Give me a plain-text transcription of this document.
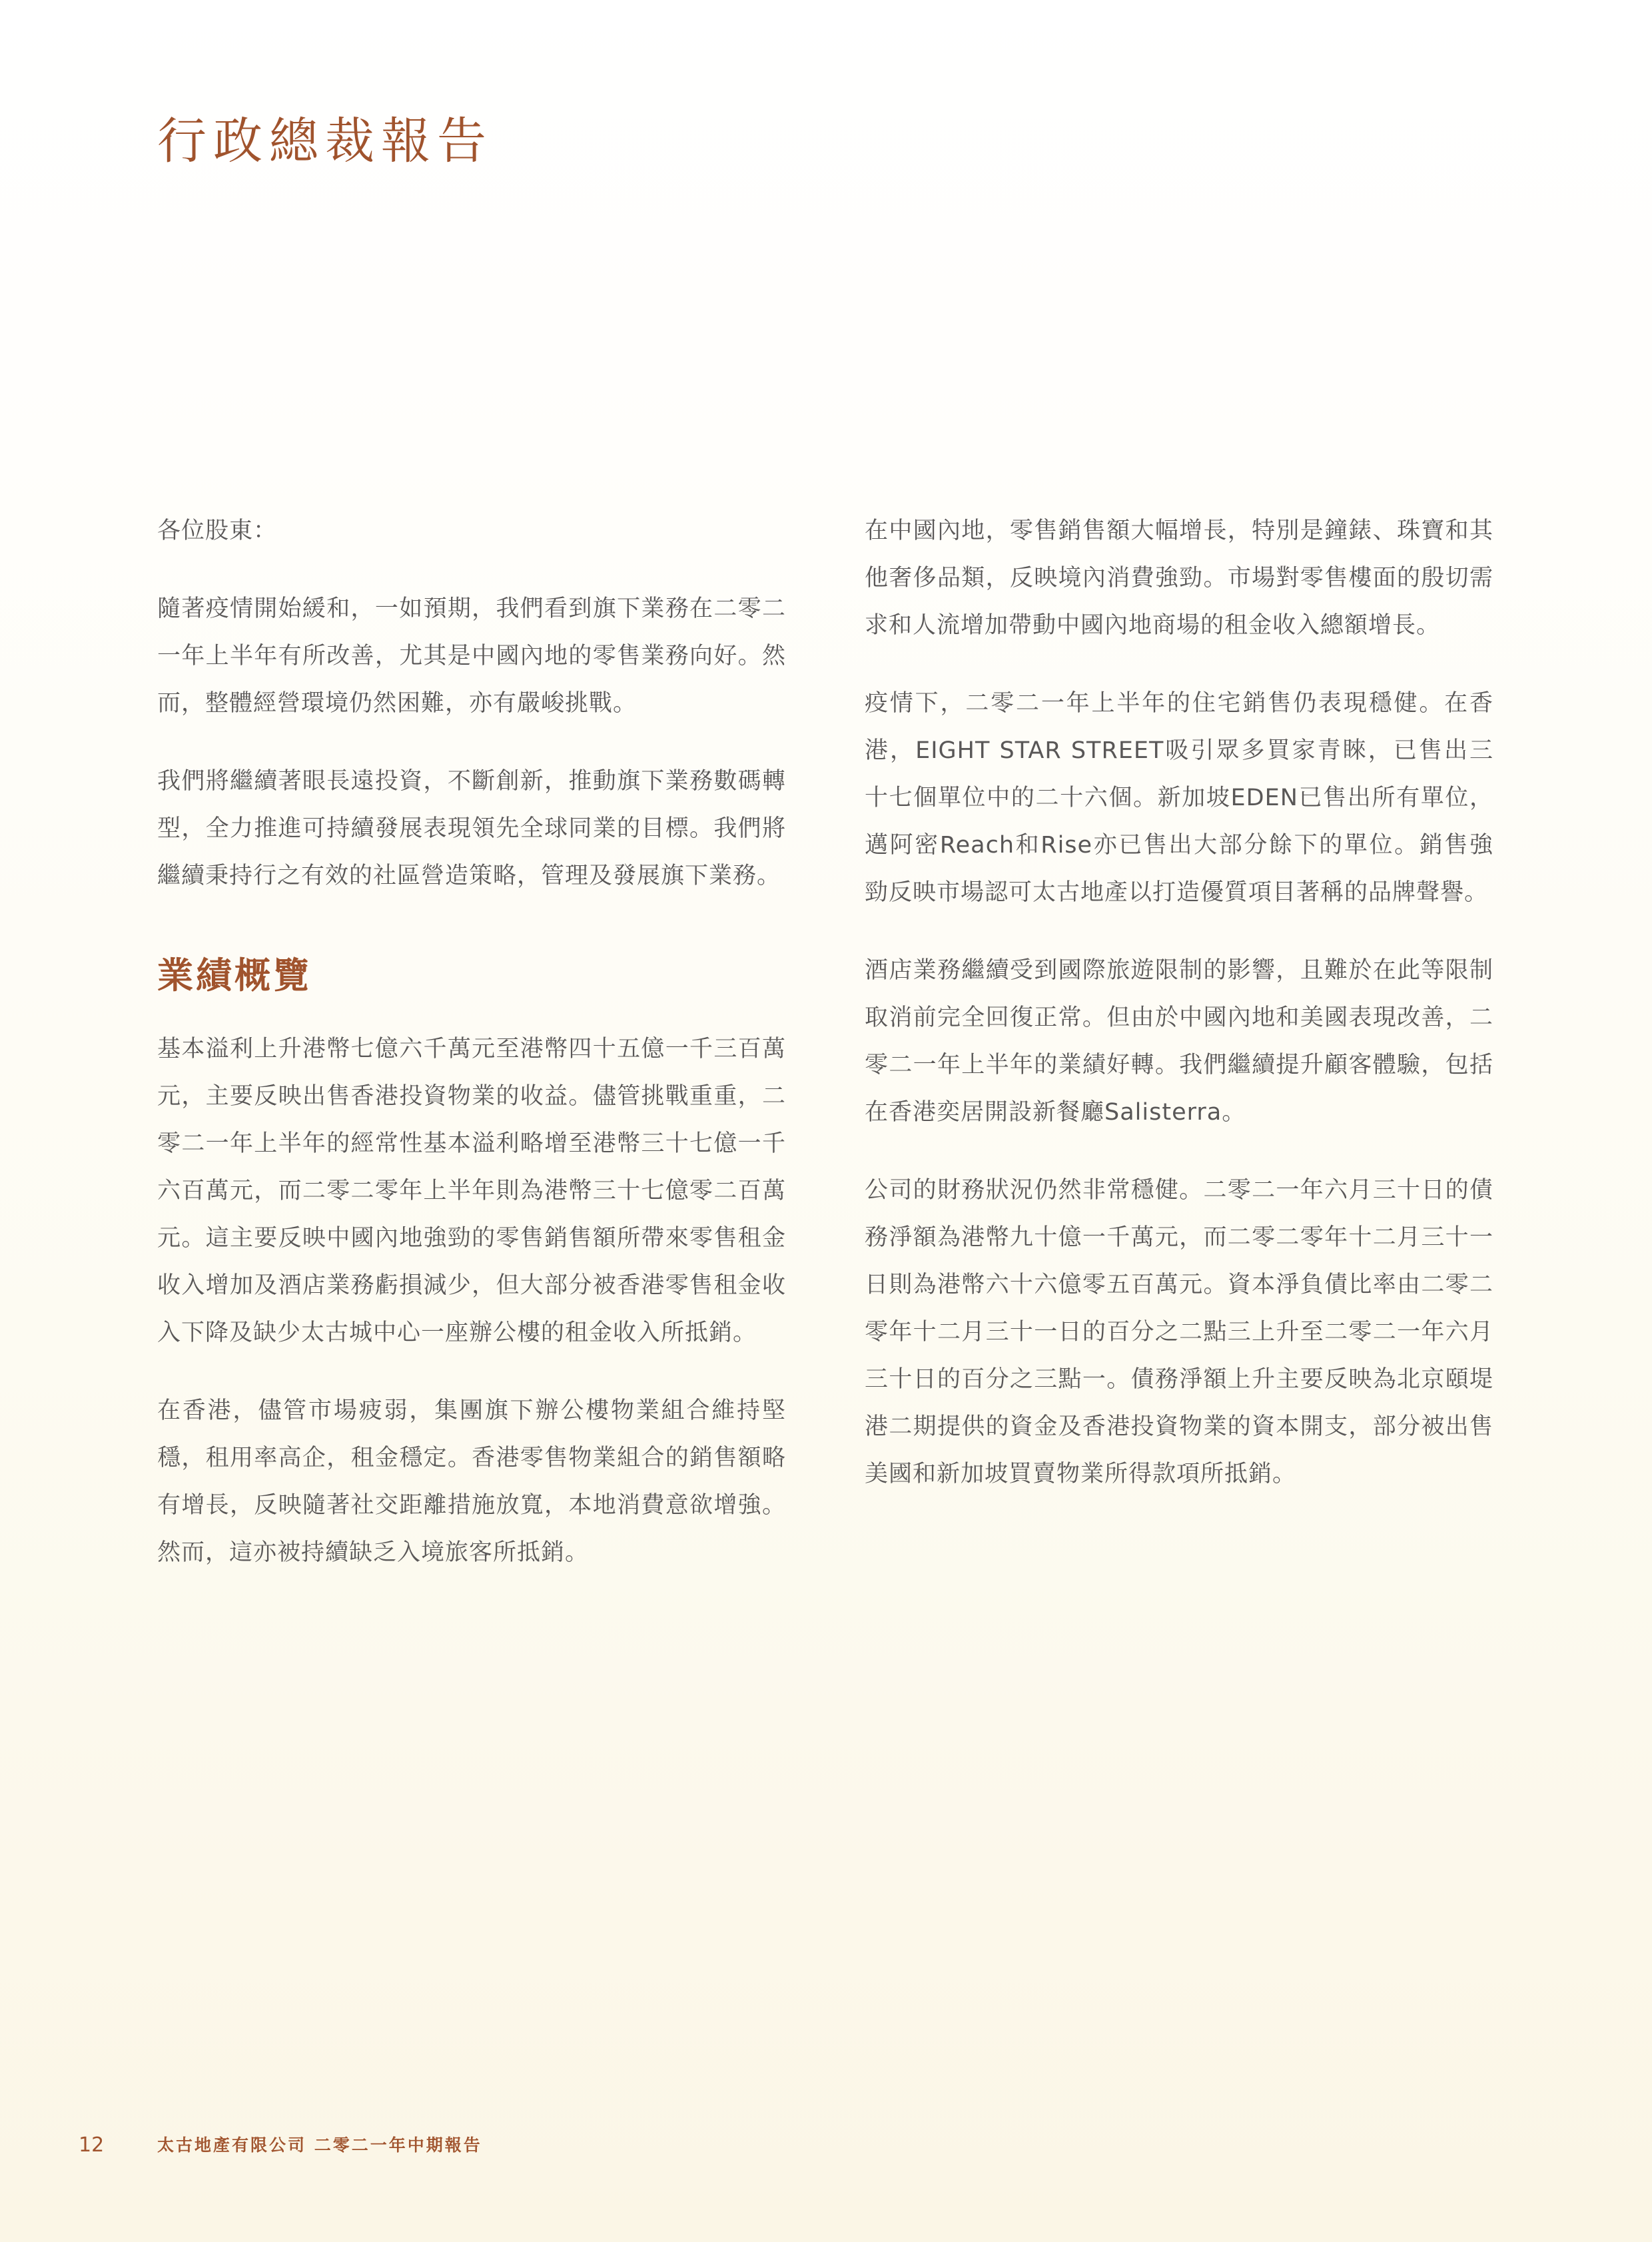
行政總裁報告

各位股東：

隨著疫情開始緩和，一如預期，我們看到旗下業務在二零二一年上半年有所改善，尤其是中國內地的零售業務向好。然而，整體經營環境仍然困難，亦有嚴峻挑戰。

我們將繼續著眼長遠投資，不斷創新，推動旗下業務數碼轉型，全力推進可持續發展表現領先全球同業的目標。我們將繼續秉持行之有效的社區營造策略，管理及發展旗下業務。

業績概覽

基本溢利上升港幣七億六千萬元至港幣四十五億一千三百萬元，主要反映出售香港投資物業的收益。儘管挑戰重重，二零二一年上半年的經常性基本溢利略增至港幣三十七億一千六百萬元，而二零二零年上半年則為港幣三十七億零二百萬元。這主要反映中國內地強勁的零售銷售額所帶來零售租金收入增加及酒店業務虧損減少，但大部分被香港零售租金收入下降及缺少太古城中心一座辦公樓的租金收入所抵銷。

在香港，儘管市場疲弱，集團旗下辦公樓物業組合維持堅穩，租用率高企，租金穩定。香港零售物業組合的銷售額略有增長，反映隨著社交距離措施放寬，本地消費意欲增強。然而，這亦被持續缺乏入境旅客所抵銷。

在中國內地，零售銷售額大幅增長，特別是鐘錶、珠寶和其他奢侈品類，反映境內消費強勁。市場對零售樓面的殷切需求和人流增加帶動中國內地商場的租金收入總額增長。

疫情下，二零二一年上半年的住宅銷售仍表現穩健。在香港，EIGHT STAR STREET吸引眾多買家青睞，已售出三十七個單位中的二十六個。新加坡EDEN已售出所有單位，邁阿密Reach和Rise亦已售出大部分餘下的單位。銷售強勁反映市場認可太古地產以打造優質項目著稱的品牌聲譽。

酒店業務繼續受到國際旅遊限制的影響，且難於在此等限制取消前完全回復正常。但由於中國內地和美國表現改善，二零二一年上半年的業績好轉。我們繼續提升顧客體驗，包括在香港奕居開設新餐廳Salisterra。

公司的財務狀況仍然非常穩健。二零二一年六月三十日的債務淨額為港幣九十億一千萬元，而二零二零年十二月三十一日則為港幣六十六億零五百萬元。資本淨負債比率由二零二零年十二月三十一日的百分之二點三上升至二零二一年六月三十日的百分之三點一。債務淨額上升主要反映為北京頤堤港二期提供的資金及香港投資物業的資本開支，部分被出售美國和新加坡買賣物業所得款項所抵銷。

12	太古地產有限公司 二零二一年中期報告
